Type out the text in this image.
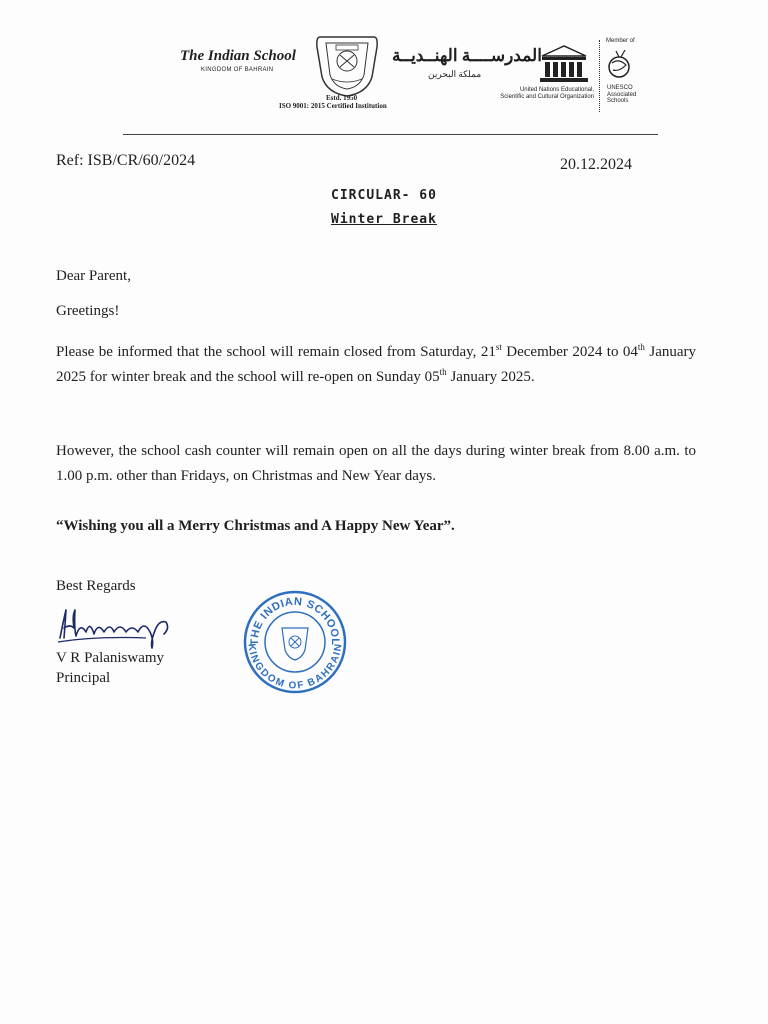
The Indian School
KINGDOM OF BAHRAIN
Estd. 1950
ISO 9001: 2015 Certified Institution
المدرســــة الهنــديــة
مملكة البحرين
United Nations Educational, Scientific and Cultural Organization
Member of
UNESCO Associated Schools
Ref: ISB/CR/60/2024	20.12.2024
CIRCULAR- 60
Winter Break
Dear Parent,
Greetings!
Please be informed that the school will remain closed from Saturday, 21st December 2024 to 04th January 2025 for winter break and the school will re-open on Sunday 05th January 2025.
However, the school cash counter will remain open on all the days during winter break from 8.00 a.m. to 1.00 p.m. other than Fridays, on Christmas and New Year days.
“Wishing you all a Merry Christmas and A Happy New Year”.
Best Regards
V R Palaniswamy
Principal
THE INDIAN SCHOOL
KINGDOM OF BAHRAIN
